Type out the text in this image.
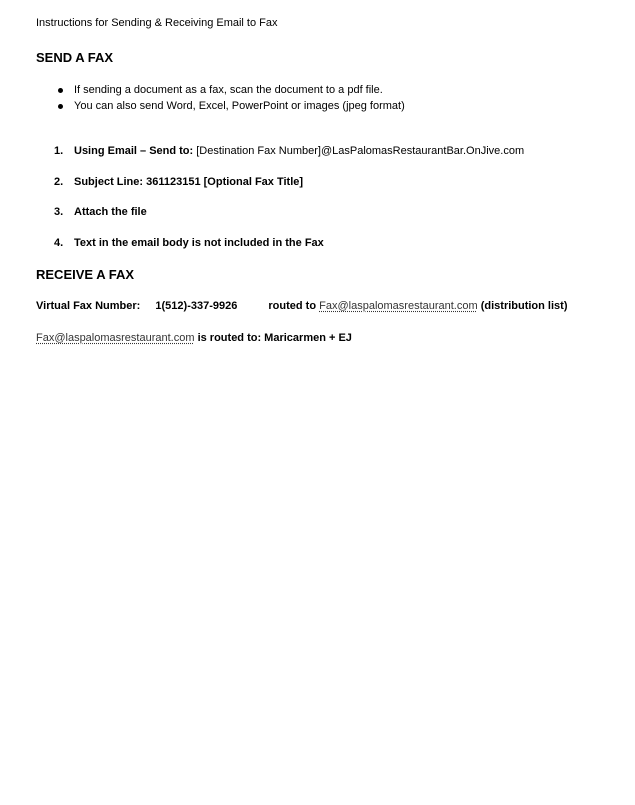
Instructions for Sending & Receiving Email to Fax
SEND A FAX
If sending a document as a fax, scan the document to a pdf file.
You can also send Word, Excel, PowerPoint or images (jpeg format)
1. Using Email – Send to: [Destination Fax Number]@LasPalomasRestaurantBar.OnJive.com
2. Subject Line: 361123151 [Optional Fax Title]
3. Attach the file
4. Text in the email body is not included in the Fax
RECEIVE A FAX
Virtual Fax Number: 1(512)-337-9926	routed to Fax@laspalomasrestaurant.com (distribution list)
Fax@laspalomasrestaurant.com is routed to: Maricarmen + EJ
